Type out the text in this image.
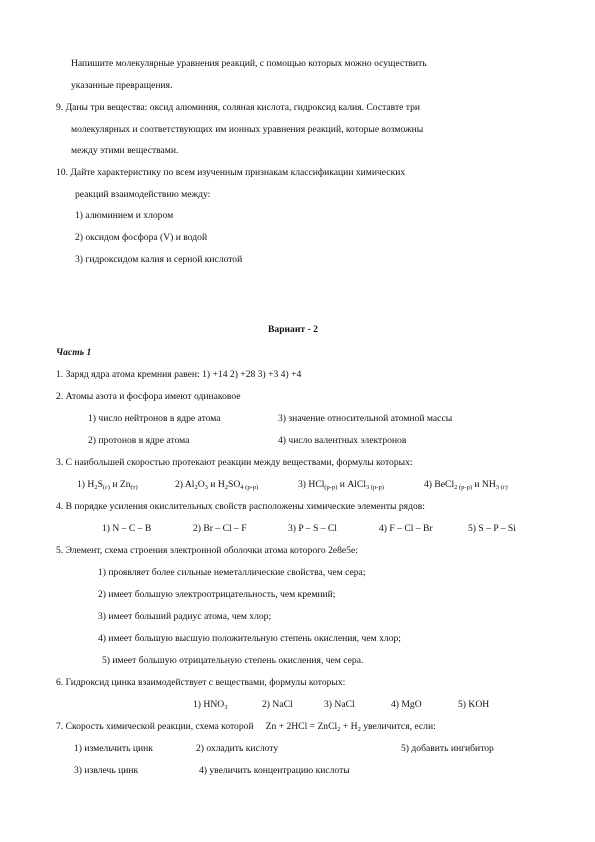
Напишите молекулярные уравнения реакций, с помощью которых можно осуществить
указанные превращения.
9. Даны три вещества: оксид алюминия, соляная кислота, гидроксид калия. Составте три
молекулярных и соответствующих им ионных уравнения реакций, которые возможны
между этими веществами.
10. Дайте характеристику по всем изученным признакам классификации химических
реакций взаимодействию между:
1) алюминием и хлором
2) оксидом фосфора (V) и водой
3) гидроксидом калия и серной кислотой
Вариант - 2
Часть 1
1. Заряд ядра атома кремния равен: 1) +14 2) +28 3) +3 4) +4
2. Атомы азота и фосфора имеют одинаковое
1) число нейтронов в ядре атома	3) значение относительной атомной массы
2) протонов в ядре атома	4) число валентных электронов
3. С наибольшей скоростью протекают реакции между веществами, формулы которых:
1) $H_2S_{(г)}$ и $Zn_{(т)}$	2) $Al_2O_3$ и $H_2SO_{4 (р-р)}$	3) HCl$_{(р-р)}$ и AlCl$_{3 (р-р)}$	4) BeCl$_{2 (р-р)}$ и $NH_{3 (г)}$
4. В порядке усиления окислительных свойств расположены химические элементы рядов:
1) N – C – B	2) Br – Cl – F	3) P – S – Cl	4) F – Cl – Br	5) S – P – Si
5. Элемент, схема строения электронной оболочки атома которого 2e8e5e:
1) проявляет более сильные неметаллические свойства, чем сера;
2) имеет большую электроотрицательность, чем кремний;
3) имеет больший радиус атома, чем хлор;
4) имеет большую высшую положительную степень окисления, чем хлор;
5) имеет большую отрицательную степень окисления, чем сера.
6. Гидроксид цинка взаимодействует с веществами, формулы которых:
1) $HNO_3$	2) NaCl	3) NaCl	4) MgO	5) KOH
7. Скорость химической реакции, схема которой Zn + 2HCl = ZnCl$_2$ + $H_2$ увеличится, если:
1) измельчить цинк	2) охладить кислоту	5) добавить ингибитор
3) извлечь цинк	4) увеличить концентрацию кислоты
